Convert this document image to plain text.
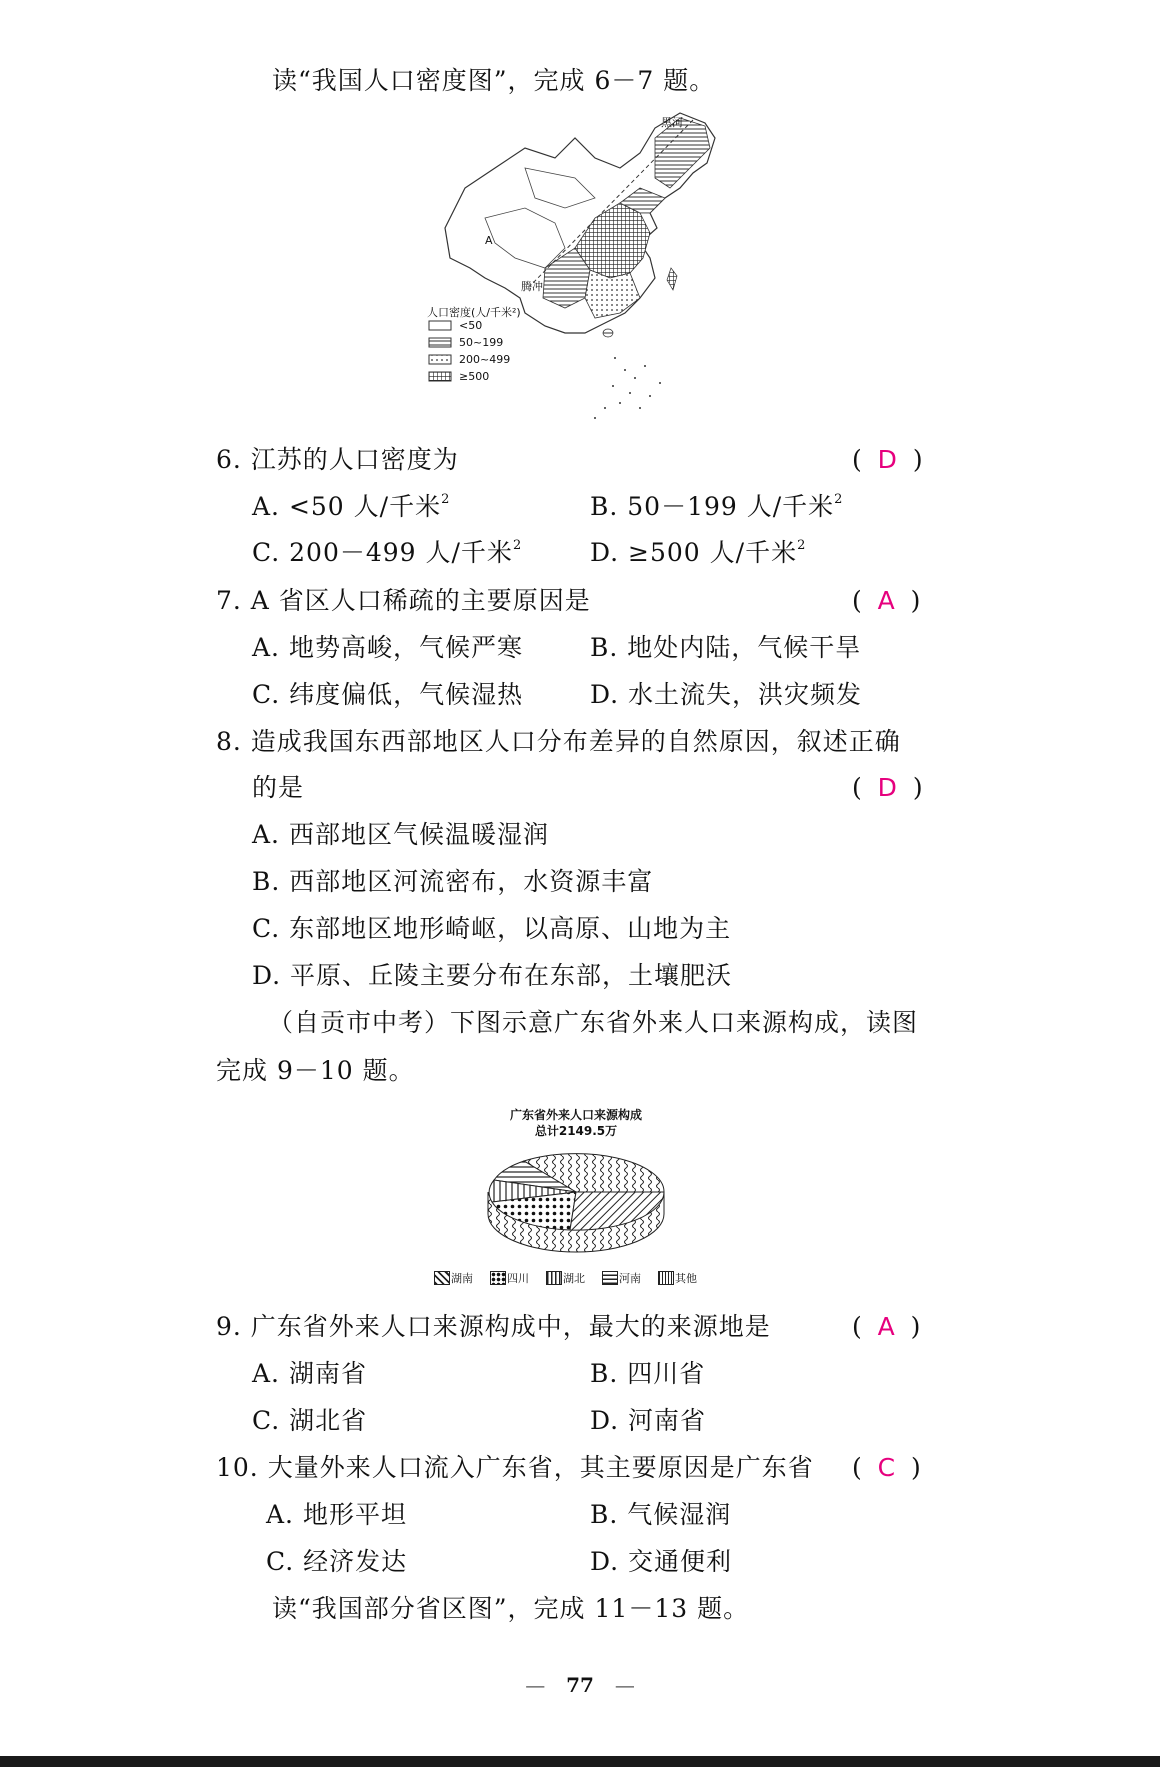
读“我国人口密度图”，完成 6－7 题。
黑河
腾冲
A
人口密度(人/千米²)
<50
50~199
200~499
≥500
6. 江苏的人口密度为	(  D  )
A. <50 人/千米$^2$	B. 50－199 人/千米$^2$
C. 200－499 人/千米$^2$	D. ≥500 人/千米$^2$
7. A 省区人口稀疏的主要原因是	(  A  )
A. 地势高峻，气候严寒	B. 地处内陆，气候干旱
C. 纬度偏低，气候湿热	D. 水土流失，洪灾频发
8. 造成我国东西部地区人口分布差异的自然原因，叙述正确
的是	(  D  )
A. 西部地区气候温暖湿润
B. 西部地区河流密布，水资源丰富
C. 东部地区地形崎岖，以高原、山地为主
D. 平原、丘陵主要分布在东部，土壤肥沃
（自贡市中考）下图示意广东省外来人口来源构成，读图
完成 9－10 题。
广东省外来人口来源构成
总计2149.5万
湖南	四川	湖北	河南	其他
9. 广东省外来人口来源构成中，最大的来源地是	(  A  )
A. 湖南省	B. 四川省
C. 湖北省	D. 河南省
10. 大量外来人口流入广东省，其主要原因是广东省 (  C  )
A. 地形平坦	B. 气候湿润
C. 经济发达	D. 交通便利
读“我国部分省区图”，完成 11－13 题。
— 77 —
